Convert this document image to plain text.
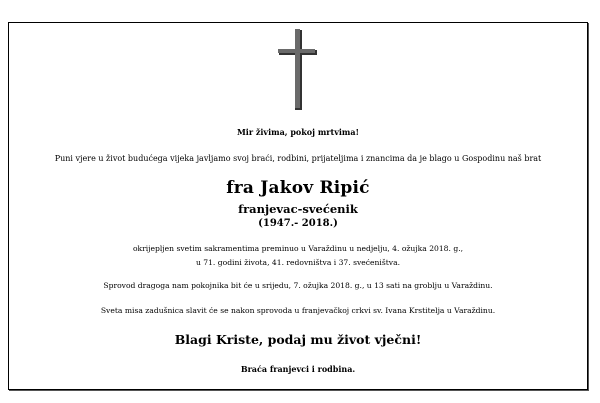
Mir živima, pokoj mrtvima!
Puni vjere u život budućega vijeka javljamo svoj braći, rodbini, prijateljima i znancima da je blago u Gospodinu naš brat
fra Jakov Ripić
franjevac-svećenik
(1947.- 2018.)
okrijepljen svetim sakramentima preminuo u Varaždinu u nedjelju, 4. ožujka 2018. g.,
u 71. godini života, 41. redovništva i 37. svećeništva.
Sprovod dragoga nam pokojnika bit će u srijedu, 7. ožujka 2018. g., u 13 sati na groblju u Varaždinu.
Sveta misa zadušnica slavit će se nakon sprovoda u franjevačkoj crkvi sv. Ivana Krstitelja u Varaždinu.
Blagi Kriste, podaj mu život vječni!
Braća franjevci i rodbina.
